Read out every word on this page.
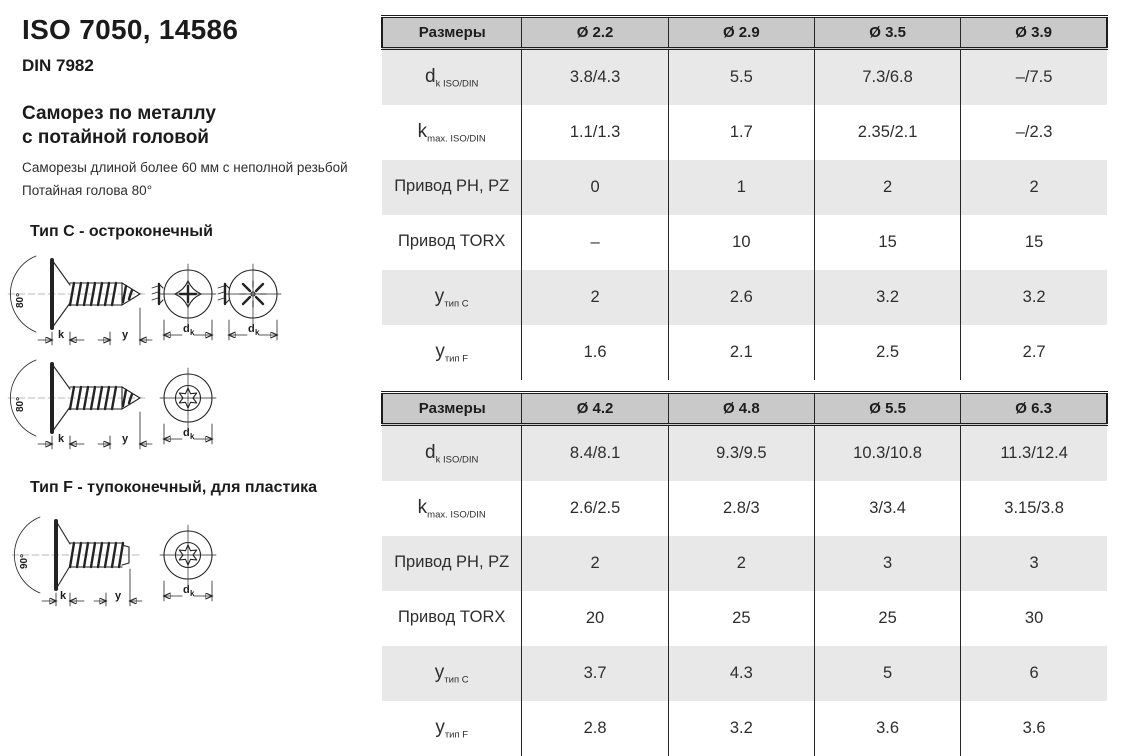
ISO 7050, 14586
DIN 7982
Саморез по металлу
с потайной головой
Саморезы длиной более 60 мм с неполной резьбой
Потайная голова 80°
Тип C - остроконечный
Тип F - тупоконечный, для пластика
80°
k	y	d k	d k
80°
k	y	d k
90°
k	y	d k
Размеры	Ø 2.2	Ø 2.9	Ø 3.5	Ø 3.9
$d_{k ISO/DIN}$	3.8/4.3	5.5	7.3/6.8	–/7.5
$k_{max. ISO/DIN}$	1.1/1.3	1.7	2.35/2.1	–/2.3
Привод PH, PZ	0	1	2	2
Привод TORX	–	10	15	15
$y_{тип C}$	2	2.6	3.2	3.2
$y_{тип F}$	1.6	2.1	2.5	2.7
Размеры	Ø 4.2	Ø 4.8	Ø 5.5	Ø 6.3
$d_{k ISO/DIN}$	8.4/8.1	9.3/9.5	10.3/10.8	11.3/12.4
$k_{max. ISO/DIN}$	2.6/2.5	2.8/3	3/3.4	3.15/3.8
Привод PH, PZ	2	2	3	3
Привод TORX	20	25	25	30
$y_{тип C}$	3.7	4.3	5	6
$y_{тип F}$	2.8	3.2	3.6	3.6
